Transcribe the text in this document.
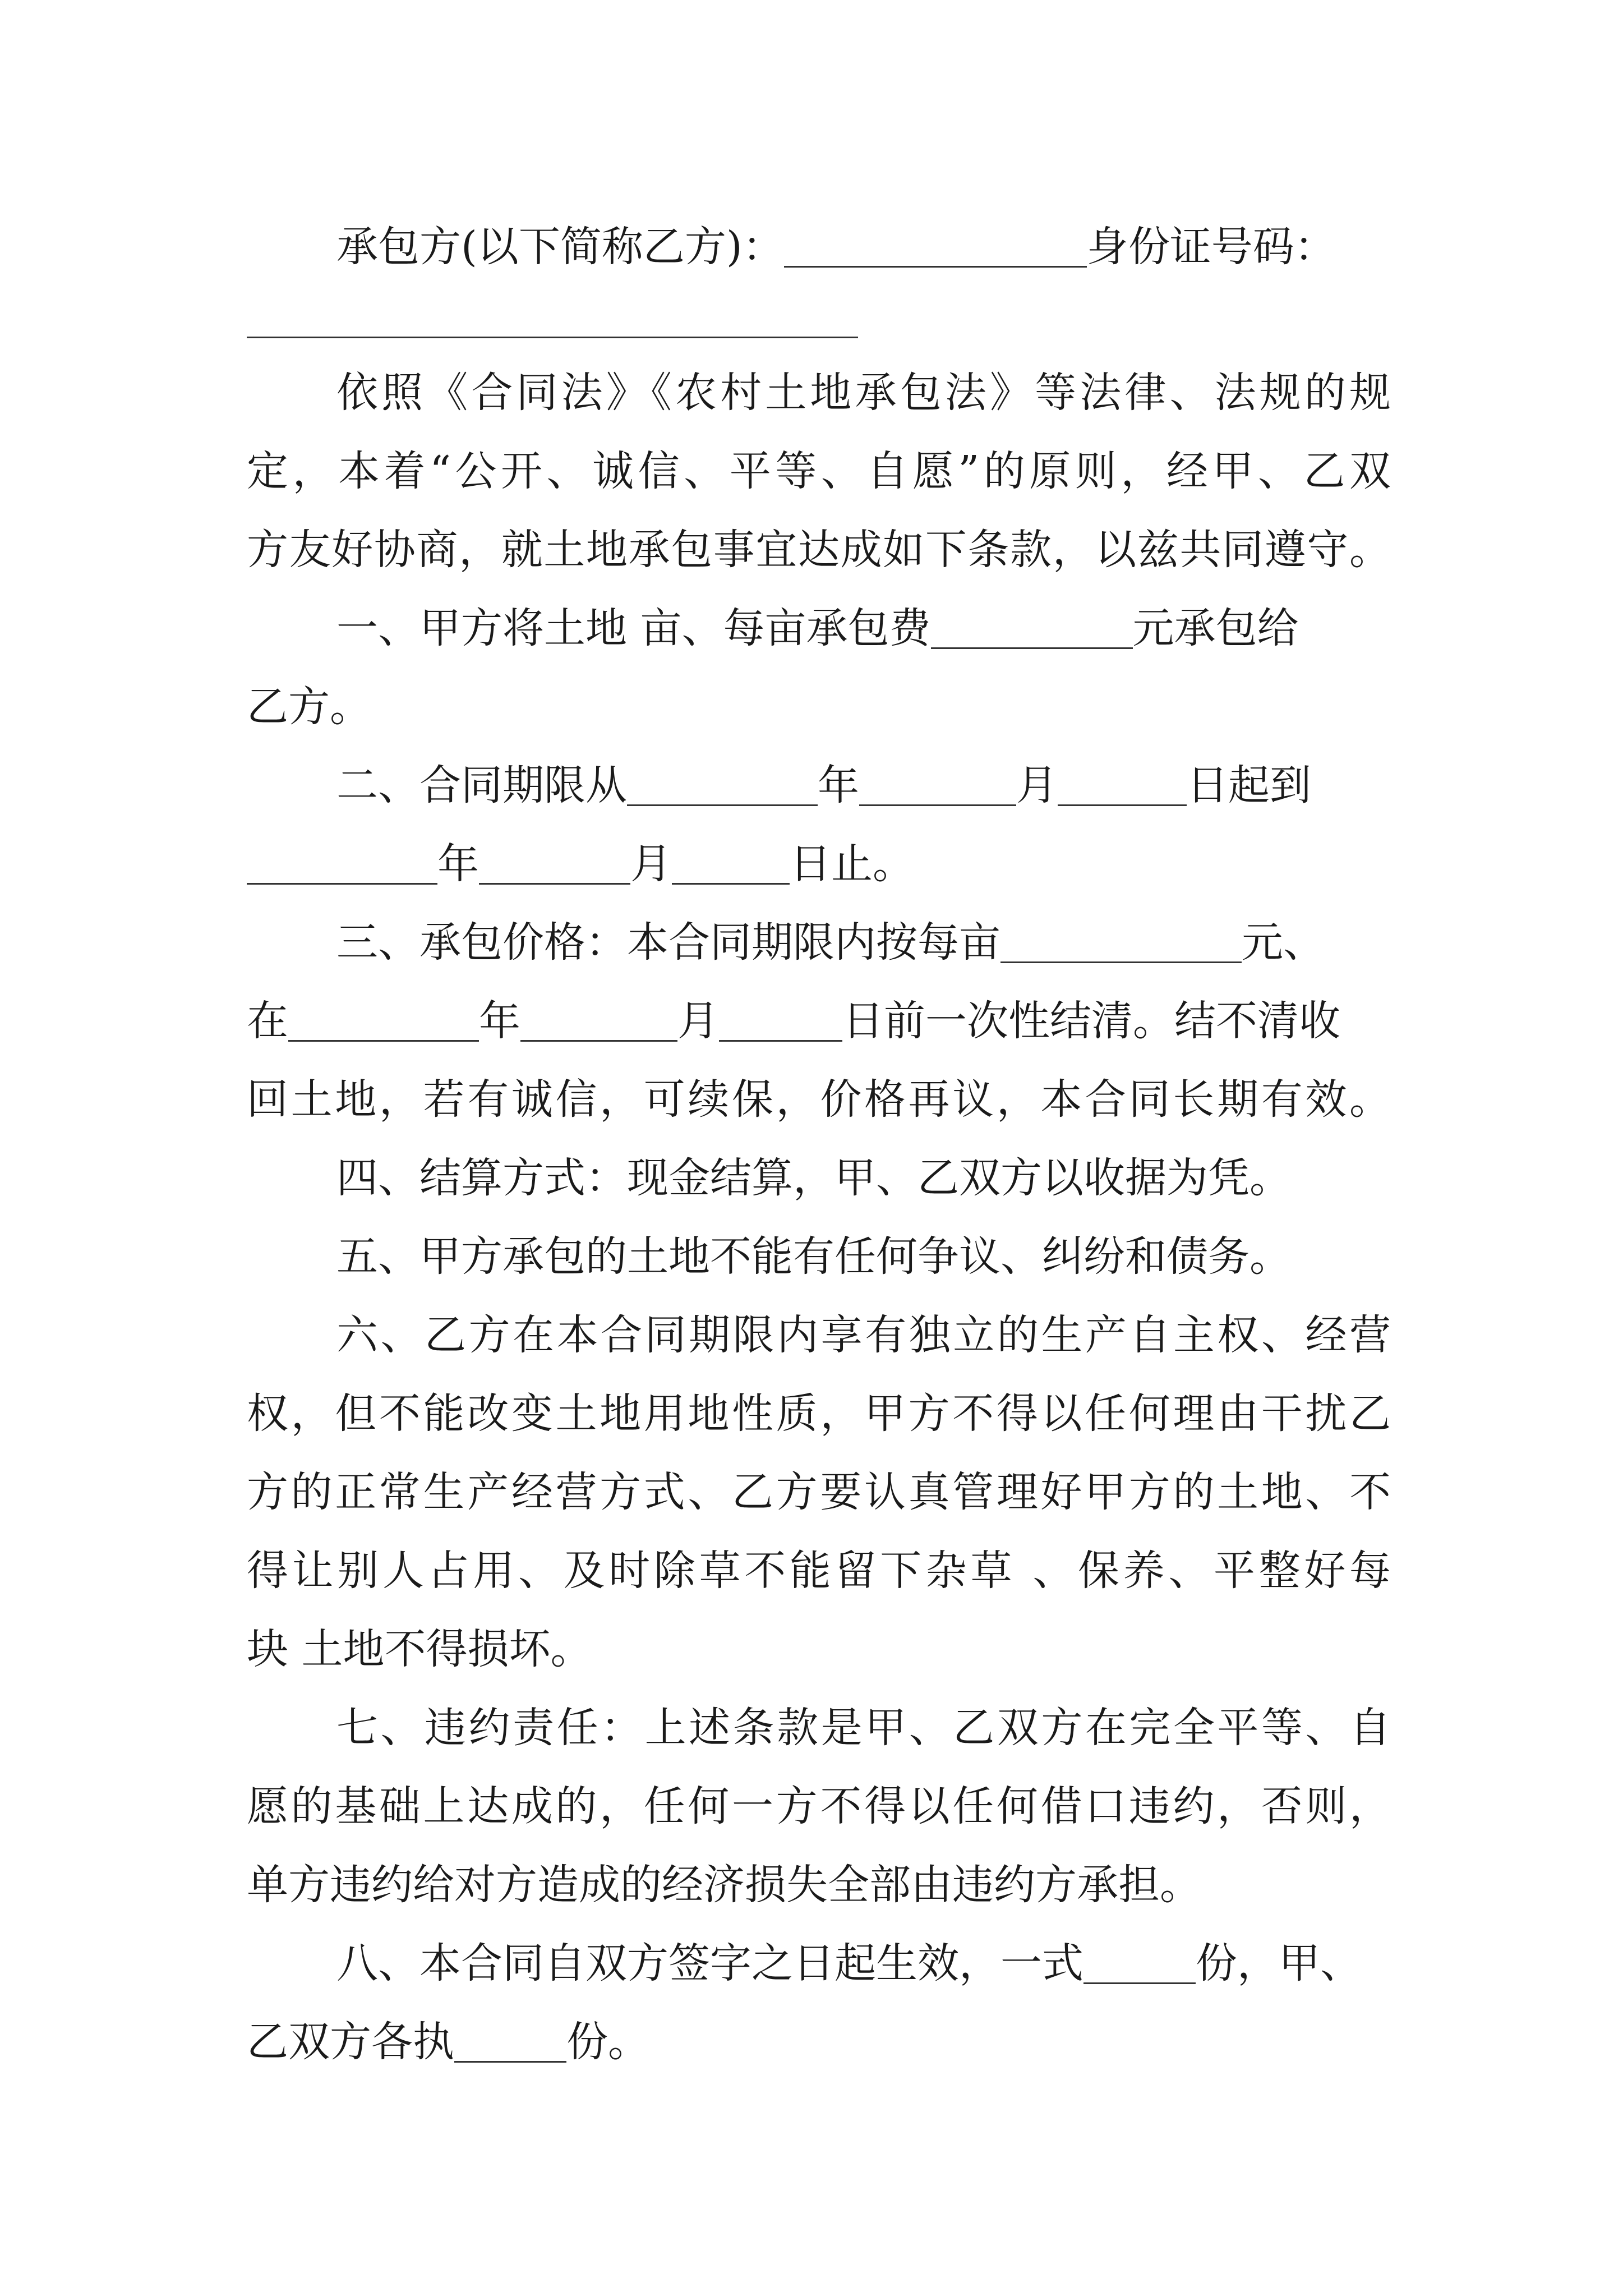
承包方(以下简称乙方)：	身份证号码：
依照《合同法》《农村土地承包法》等法律、法规的规
定，本着“公开、诚信、平等、自愿”的原则，经甲、乙双
方友好协商，就土地承包事宜达成如下条款，以兹共同遵守。
一、甲方将土地 亩、每亩承包费	元承包给
乙方。
二、合同期限从	年	月	日起到
年	月	日止。
三、承包价格：本合同期限内按每亩	元、
在	年	月	日前一次性结清。结不清收
回土地，若有诚信，可续保，价格再议，本合同长期有效。
四、结算方式：现金结算，甲、乙双方以收据为凭。
五、甲方承包的土地不能有任何争议、纠纷和债务。
六、乙方在本合同期限内享有独立的生产自主权、经营
权，但不能改变土地用地性质，甲方不得以任何理由干扰乙
方的正常生产经营方式、乙方要认真管理好甲方的土地、不
得让别人占用、及时除草不能留下杂草 、保养、平整好每
块 土地不得损坏。
七、违约责任：上述条款是甲、乙双方在完全平等、自
愿的基础上达成的，任何一方不得以任何借口违约，否则，
单方违约给对方造成的经济损失全部由违约方承担。
八、本合同自双方签字之日起生效，一式	份，甲、
乙双方各执	份。
